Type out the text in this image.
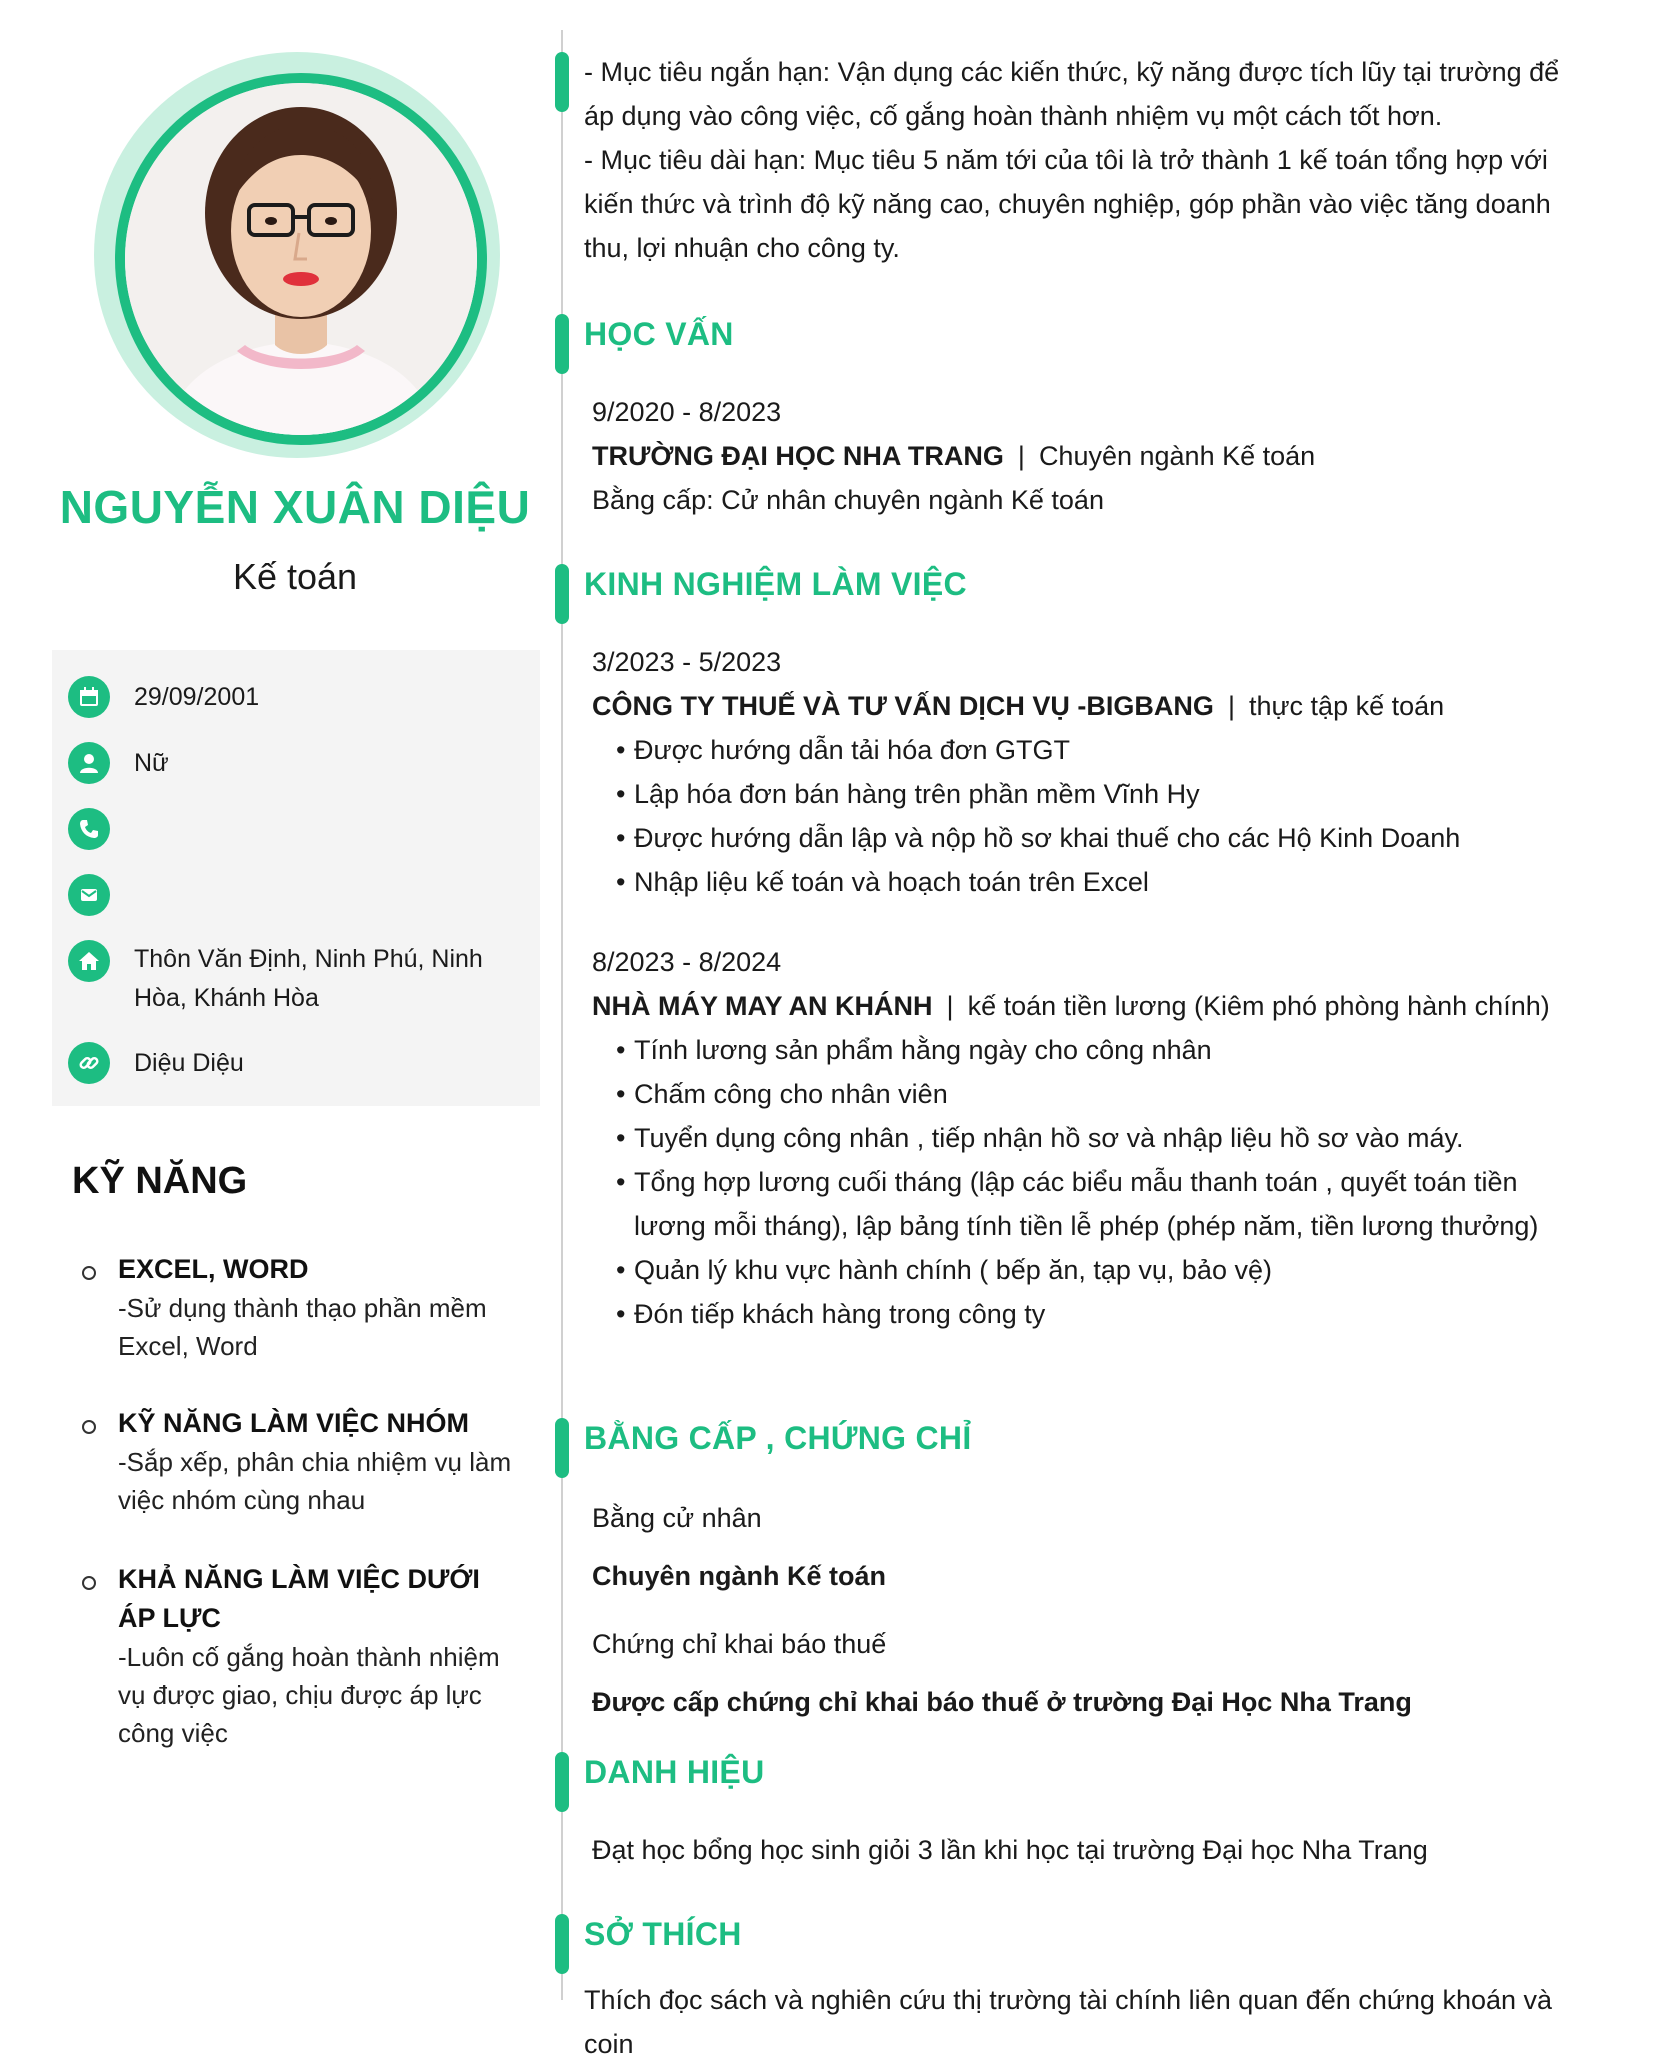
NGUYỄN XUÂN DIỆU
Kế toán
29/09/2001
Nữ
Thôn Văn Định, Ninh Phú, Ninh Hòa, Khánh Hòa
Diệu Diệu
KỸ NĂNG
EXCEL, WORD
-Sử dụng thành thạo phần mềm Excel, Word
KỸ NĂNG LÀM VIỆC NHÓM
-Sắp xếp, phân chia nhiệm vụ làm việc nhóm cùng nhau
KHẢ NĂNG LÀM VIỆC DƯỚI ÁP LỰC
-Luôn cố gắng hoàn thành nhiệm vụ được giao, chịu được áp lực công việc
- Mục tiêu ngắn hạn: Vận dụng các kiến thức, kỹ năng được tích lũy tại trường để áp dụng vào công việc, cố gắng hoàn thành nhiệm vụ một cách tốt hơn.
- Mục tiêu dài hạn: Mục tiêu 5 năm tới của tôi là trở thành 1 kế toán tổng hợp với kiến thức và trình độ kỹ năng cao, chuyên nghiệp, góp phần vào việc tăng doanh thu, lợi nhuận cho công ty.
HỌC VẤN
9/2020 - 8/2023
TRƯỜNG ĐẠI HỌC NHA TRANG | Chuyên ngành Kế toán
Bằng cấp: Cử nhân chuyên ngành Kế toán
KINH NGHIỆM LÀM VIỆC
3/2023 - 5/2023
CÔNG TY THUẾ VÀ TƯ VẤN DỊCH VỤ -BIGBANG | thực tập kế toán
• Được hướng dẫn tải hóa đơn GTGT
• Lập hóa đơn bán hàng trên phần mềm Vĩnh Hy
• Được hướng dẫn lập và nộp hồ sơ khai thuế cho các Hộ Kinh Doanh
• Nhập liệu kế toán và hoạch toán trên Excel
8/2023 - 8/2024
NHÀ MÁY MAY AN KHÁNH | kế toán tiền lương (Kiêm phó phòng hành chính)
• Tính lương sản phẩm hằng ngày cho công nhân
• Chấm công cho nhân viên
• Tuyển dụng công nhân , tiếp nhận hồ sơ và nhập liệu hồ sơ vào máy.
• Tổng hợp lương cuối tháng (lập các biểu mẫu thanh toán , quyết toán tiền lương mỗi tháng), lập bảng tính tiền lễ phép (phép năm, tiền lương thưởng)
• Quản lý khu vực hành chính ( bếp ăn, tạp vụ, bảo vệ)
• Đón tiếp khách hàng trong công ty
BẰNG CẤP , CHỨNG CHỈ
Bằng cử nhân
Chuyên ngành Kế toán
Chứng chỉ khai báo thuế
Được cấp chứng chỉ khai báo thuế ở trường Đại Học Nha Trang
DANH HIỆU
Đạt học bổng học sinh giỏi 3 lần khi học tại trường Đại học Nha Trang
SỞ THÍCH
Thích đọc sách và nghiên cứu thị trường tài chính liên quan đến chứng khoán và coin
